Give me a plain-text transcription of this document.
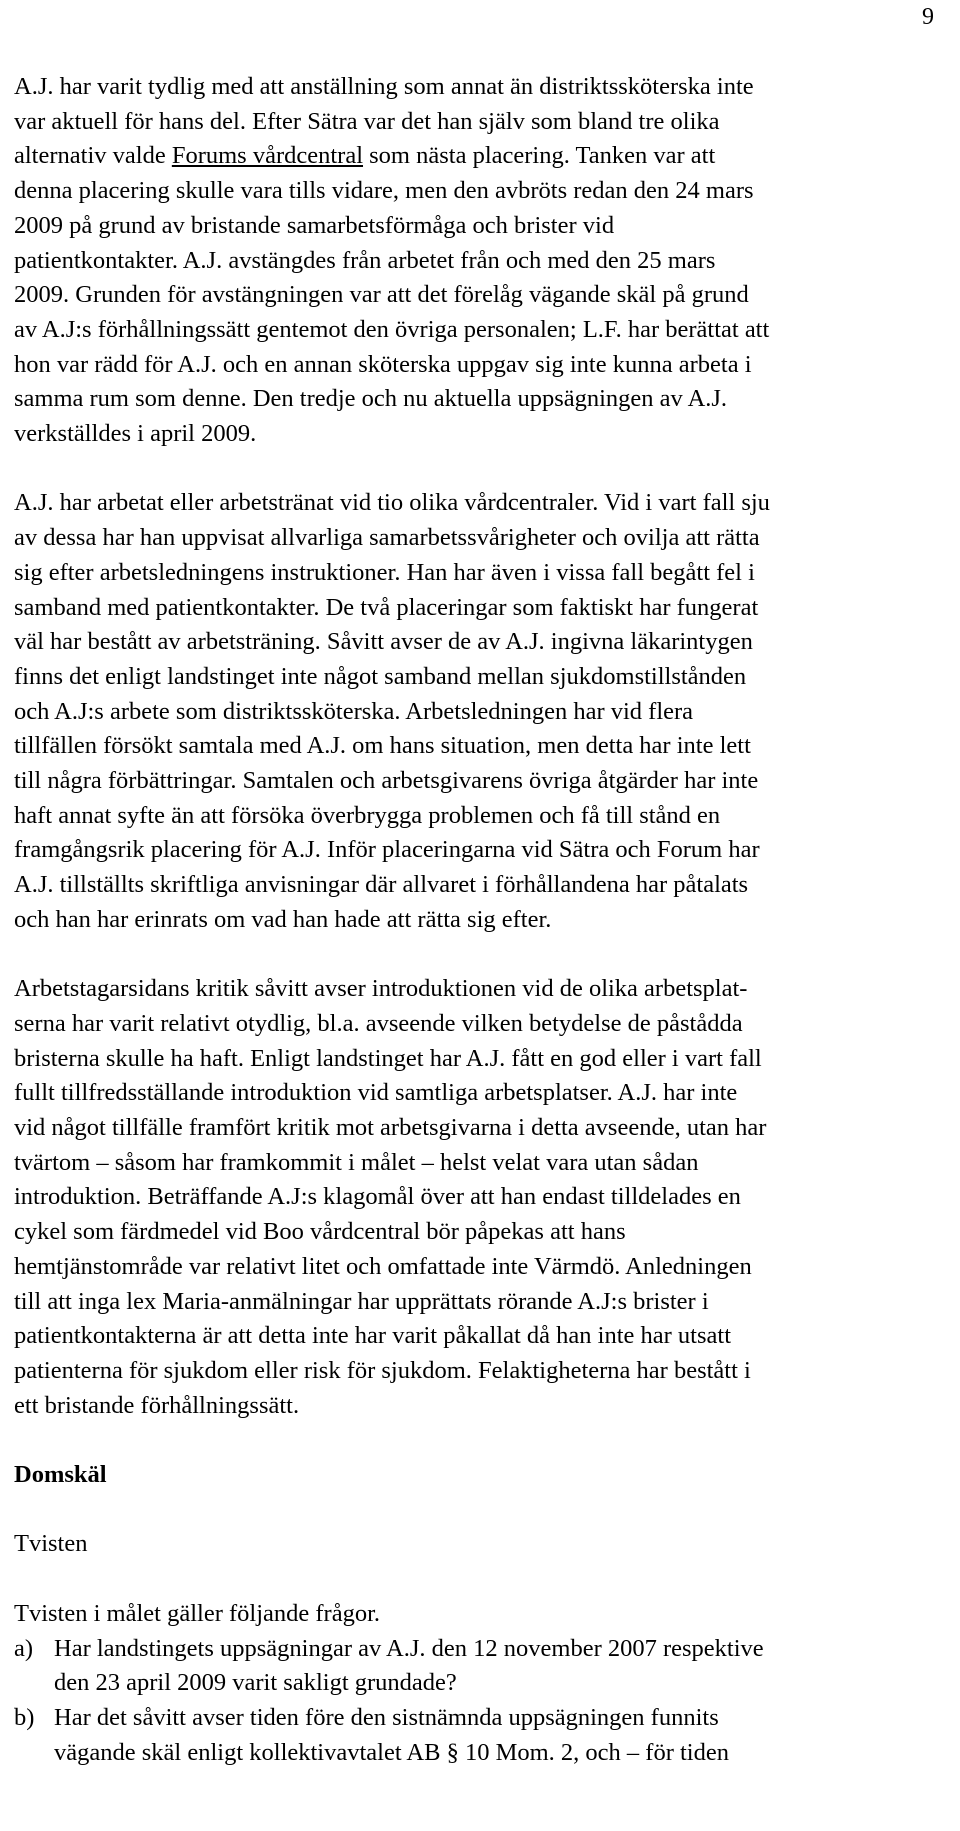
9
A.J. har varit tydlig med att anställning som annat än distriktssköterska inte
var aktuell för hans del. Efter Sätra var det han själv som bland tre olika
alternativ valde Forums vårdcentral som nästa placering. Tanken var att
denna placering skulle vara tills vidare, men den avbröts redan den 24 mars
2009 på grund av bristande samarbetsförmåga och brister vid
patientkontakter. A.J. avstängdes från arbetet från och med den 25 mars
2009. Grunden för avstängningen var att det förelåg vägande skäl på grund
av A.J:s förhållningssätt gentemot den övriga personalen; L.F. har berättat att
hon var rädd för A.J. och en annan sköterska uppgav sig inte kunna arbeta i
samma rum som denne. Den tredje och nu aktuella uppsägningen av A.J.
verkställdes i april 2009.
A.J. har arbetat eller arbetstränat vid tio olika vårdcentraler. Vid i vart fall sju
av dessa har han uppvisat allvarliga samarbetssvårigheter och ovilja att rätta
sig efter arbetsledningens instruktioner. Han har även i vissa fall begått fel i
samband med patientkontakter. De två placeringar som faktiskt har fungerat
väl har bestått av arbetsträning. Såvitt avser de av A.J. ingivna läkarintygen
finns det enligt landstinget inte något samband mellan sjukdomstillstånden
och A.J:s arbete som distriktssköterska. Arbetsledningen har vid flera
tillfällen försökt samtala med A.J. om hans situation, men detta har inte lett
till några förbättringar. Samtalen och arbetsgivarens övriga åtgärder har inte
haft annat syfte än att försöka överbrygga problemen och få till stånd en
framgångsrik placering för A.J. Inför placeringarna vid Sätra och Forum har
A.J. tillställts skriftliga anvisningar där allvaret i förhållandena har påtalats
och han har erinrats om vad han hade att rätta sig efter.
Arbetstagarsidans kritik såvitt avser introduktionen vid de olika arbetsplat-
serna har varit relativt otydlig, bl.a. avseende vilken betydelse de påstådda
bristerna skulle ha haft. Enligt landstinget har A.J. fått en god eller i vart fall
fullt tillfredsställande introduktion vid samtliga arbetsplatser. A.J. har inte
vid något tillfälle framfört kritik mot arbetsgivarna i detta avseende, utan har
tvärtom – såsom har framkommit i målet – helst velat vara utan sådan
introduktion. Beträffande A.J:s klagomål över att han endast tilldelades en
cykel som färdmedel vid Boo vårdcentral bör påpekas att hans
hemtjänstområde var relativt litet och omfattade inte Värmdö. Anledningen
till att inga lex Maria-anmälningar har upprättats rörande A.J:s brister i
patientkontakterna är att detta inte har varit påkallat då han inte har utsatt
patienterna för sjukdom eller risk för sjukdom. Felaktigheterna har bestått i
ett bristande förhållningssätt.
Domskäl
Tvisten
Tvisten i målet gäller följande frågor.
a) Har landstingets uppsägningar av A.J. den 12 november 2007 respektive
den 23 april 2009 varit sakligt grundade?
b) Har det såvitt avser tiden före den sistnämnda uppsägningen funnits
vägande skäl enligt kollektivavtalet AB § 10 Mom. 2, och – för tiden
